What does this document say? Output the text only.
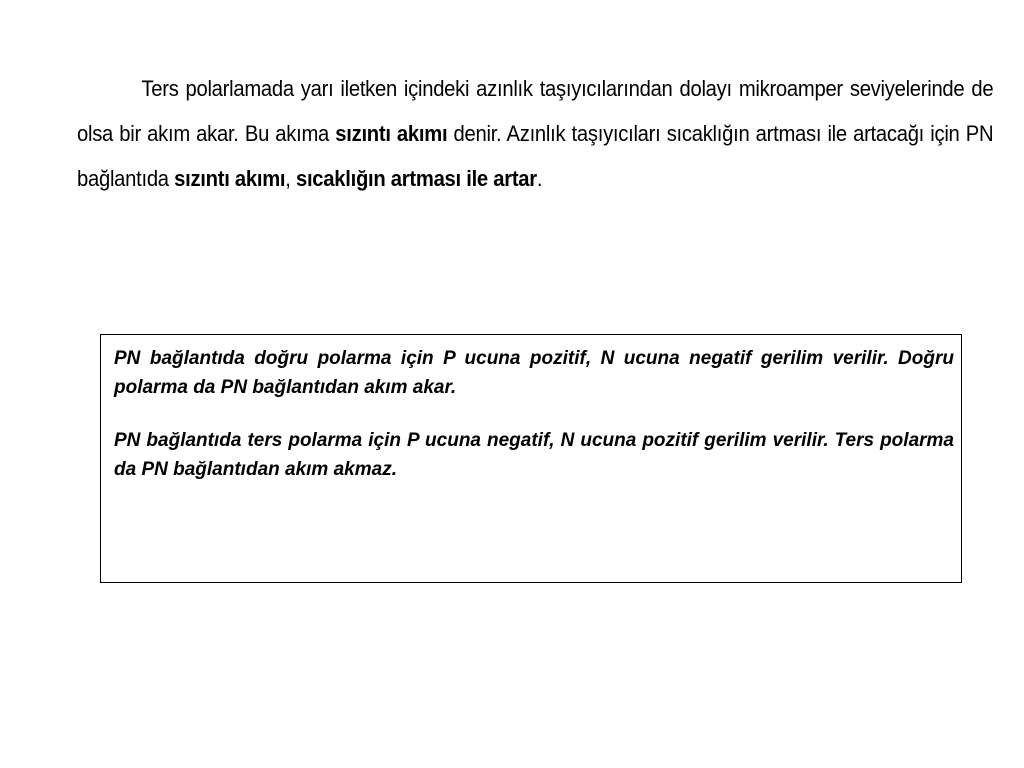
Ters polarlamada yarı iletken içindeki azınlık taşıyıcılarından dolayı mikroamper seviyelerinde de olsa bir akım akar. Bu akıma sızıntı akımı denir. Azınlık taşıyıcıları sıcaklığın artması ile artacağı için PN bağlantıda sızıntı akımı, sıcaklığın artması ile artar.

PN bağlantıda doğru polarma için P ucuna pozitif, N ucuna negatif gerilim verilir. Doğru polarma da PN bağlantıdan akım akar.

PN bağlantıda ters polarma için P ucuna negatif, N ucuna pozitif gerilim verilir. Ters polarma da PN bağlantıdan akım akmaz.
